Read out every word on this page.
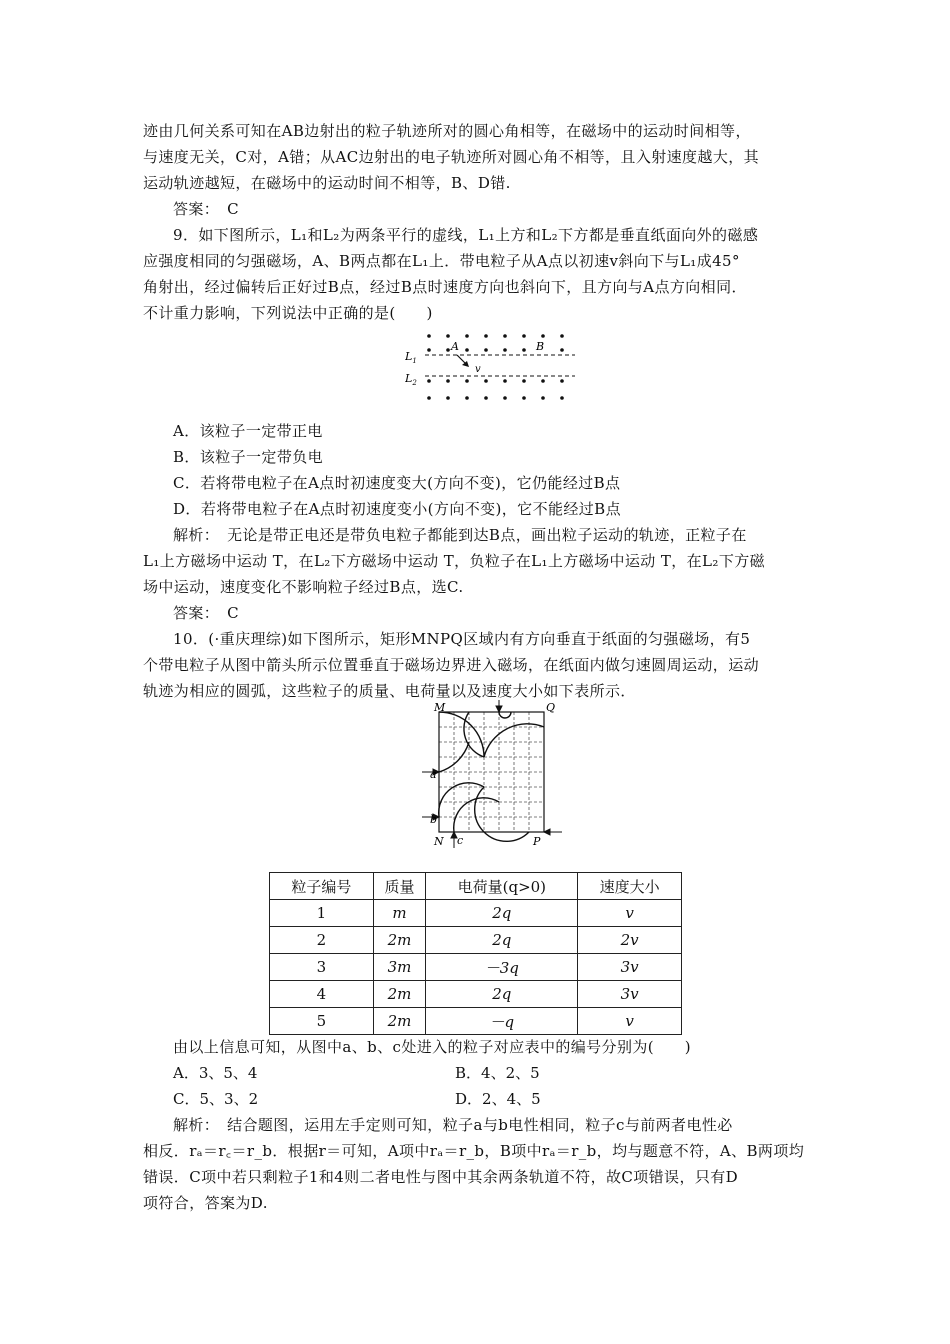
迹由几何关系可知在AB边射出的粒子轨迹所对的圆心角相等，在磁场中的运动时间相等，
与速度无关，C对，A错；从AC边射出的电子轨迹所对圆心角不相等，且入射速度越大，其
运动轨迹越短，在磁场中的运动时间不相等，B、D错.
答案：　C
9．如下图所示，L₁和L₂为两条平行的虚线，L₁上方和L₂下方都是垂直纸面向外的磁感
应强度相同的匀强磁场，A、B两点都在L₁上．带电粒子从A点以初速v斜向下与L₁成45°
角射出，经过偏转后正好过B点，经过B点时速度方向也斜向下，且方向与A点方向相同．
不计重力影响，下列说法中正确的是(　　)
$L_1$
$L_2$
A	B
v
A．该粒子一定带正电
B．该粒子一定带负电
C．若将带电粒子在A点时初速度变大(方向不变)，它仍能经过B点
D．若将带电粒子在A点时初速度变小(方向不变)，它不能经过B点
解析：　无论是带正电还是带负电粒子都能到达B点，画出粒子运动的轨迹，正粒子在
L₁上方磁场中运动 T，在L₂下方磁场中运动 T，负粒子在L₁上方磁场中运动 T，在L₂下方磁
场中运动，速度变化不影响粒子经过B点，选C.
答案：　C
10．(·重庆理综)如下图所示，矩形MNPQ区域内有方向垂直于纸面的匀强磁场，有5
个带电粒子从图中箭头所示位置垂直于磁场边界进入磁场，在纸面内做匀速圆周运动，运动
轨迹为相应的圆弧，这些粒子的质量、电荷量以及速度大小如下表所示．
M	Q
N	P
a
b
c
粒子编号	质量	电荷量(q>0)	速度大小
1	m	2q	v
2	2m	2q	2v
3	3m	－3q	3v
4	2m	2q	3v
5	2m	－q	v
由以上信息可知，从图中a、b、c处进入的粒子对应表中的编号分别为(　　)
A．3、5、4	B．4、2、5
C．5、3、2	D．2、4、5
解析：　结合题图，运用左手定则可知，粒子a与b电性相同，粒子c与前两者电性必
相反．rₐ＝r꜀＝r_b．根据r＝可知，A项中rₐ＝r_b，B项中rₐ＝r_b，均与题意不符，A、B两项均
错误．C项中若只剩粒子1和4则二者电性与图中其余两条轨道不符，故C项错误，只有D
项符合，答案为D.
